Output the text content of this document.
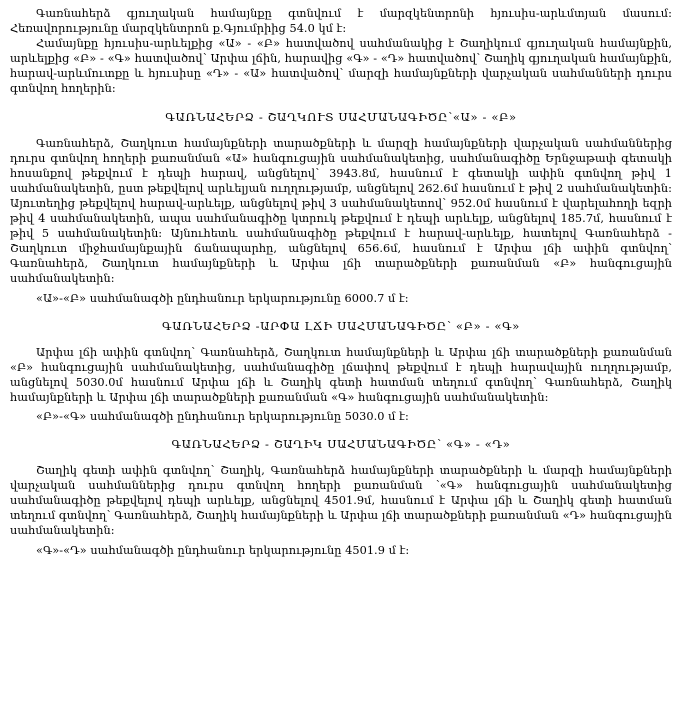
Գառնահերձ գյուղական համայնքը գտնվում է մարզկենտրոնի հյուսիս-արևմտյան մասում։ Հեռավորությունը մարզկենտրոն ք.Գյումրիից 54.0 կմ է:

Համայնքը հյուսիս-արևելքից «Ա» - «Բ» հատվածով սահմանակից է Շաղիկում գյուղական համայնքին, արևելքից «Բ» - «Գ» հատվածով՝ Արփա լճին, հարավից «Գ» - «Դ» հատվածով՝ Շաղիկ գյուղական համայնքին, հարավ-արևմուտքը և հյուսիսը «Դ» - «Ա» հատվածով՝ մարզի համայնքների վարչական սահմանների դուրս գտնվող հողերին:

ԳԱՌՆԱՀԵՐՁ - ՇԱՂԿՈՒՏ ՍԱՀՄԱՆԱԳԻԾԸ՝«Ա» - «Բ»

Գառնահերձ, Շաղկուտ համայնքների տարածքների և մարզի համայնքների վարչական սահմաններից դուրս գտնվող հողերի քառանման «Ա» հանգուցային սահմանակետից, սահմանագիծը Երնջաթափ գետակի հոսանքով թեքվում է դեպի հարավ, անցնելով՝ 3943.8մ, հասնում է գետակի ափին գտնվող թիվ 1 սահմանակետին, ըստ թեքվելով արևելյան ուղղությամբ, անցնելով 262.6մ հասնում է թիվ 2 սահմանակետին: Այուտեղից թեքվելով հարավ-արևելք, անցնելով թիվ 3 սահմանակետով՝ 952.0մ հասնում է վարելահողի եզրի թիվ 4 սահմանակետին, ապա սահմանագիծը կտրուկ թեքվում է դեպի արևելք, անցնելով 185.7մ, հասնում է թիվ 5 սահմանակետին: Այնուհետև սահմանագիծը թեքվում է հարավ-արևելք, հատելով Գառնահերձ - Շաղկուտ միջհամայնքային ճանապարհը, անցնելով 656.6մ, հասնում է Արփա լճի ափին գտնվող՝ Գառնահերձ, Շաղկուտ համայնքների և Արփա լճի տարածքների քառանման «Բ» հանգուցային սահմանակետին:

«Ա»-«Բ» սահմանագծի ընդհանուր երկարությունը 6000.7 մ է:

ԳԱՌՆԱՀԵՐՁ -ԱՐՓԱ ԼՃԻ ՍԱՀՄԱՆԱԳԻԾԸ՝ «Բ» - «Գ»

Արփա լճի ափին գտնվող՝ Գառնահերձ, Շաղկուտ համայնքների և Արփա լճի տարածքների քառանման «Բ» հանգուցային սահմանակետից, սահմանագիծը լճափով թեքվում է դեպի հարավային ուղղությամբ, անցնելով 5030.0մ հասնում Արփա լճի և Շաղիկ գետի հատման տեղում գտնվող՝ Գառնահերձ, Շաղիկ համայնքների և Արփա լճի տարածքների քառանման «Գ» հանգուցային սահմանակետին:

«Բ»-«Գ» սահմանագծի ընդհանուր երկարությունը 5030.0 մ է:

ԳԱՌՆԱՀԵՐՁ - ՇԱՂԻԿ ՍԱՀՄԱՆԱԳԻԾԸ՝ «Գ» - «Դ»

Շաղիկ գետի ափին գտնվող՝ Շաղիկ, Գառնահերձ համայնքների տարածքների և մարզի համայնքների վարչական սահմաններից դուրս գտնվող հողերի քառանման ՝«Գ» հանգուցային սահմանակետից սահմանագիծը թեքվելով դեպի արևելք, անցնելով 4501.9մ, հասնում է Արփա լճի և Շաղիկ գետի հատման տեղում գտնվող՝ Գառնահերձ, Շաղիկ համայնքների և Արփա լճի տարածքների քառանման «Դ» հանգուցային սահմանակետին:

«Գ»-«Դ» սահմանագծի ընդհանուր երկարությունը 4501.9 մ է:
